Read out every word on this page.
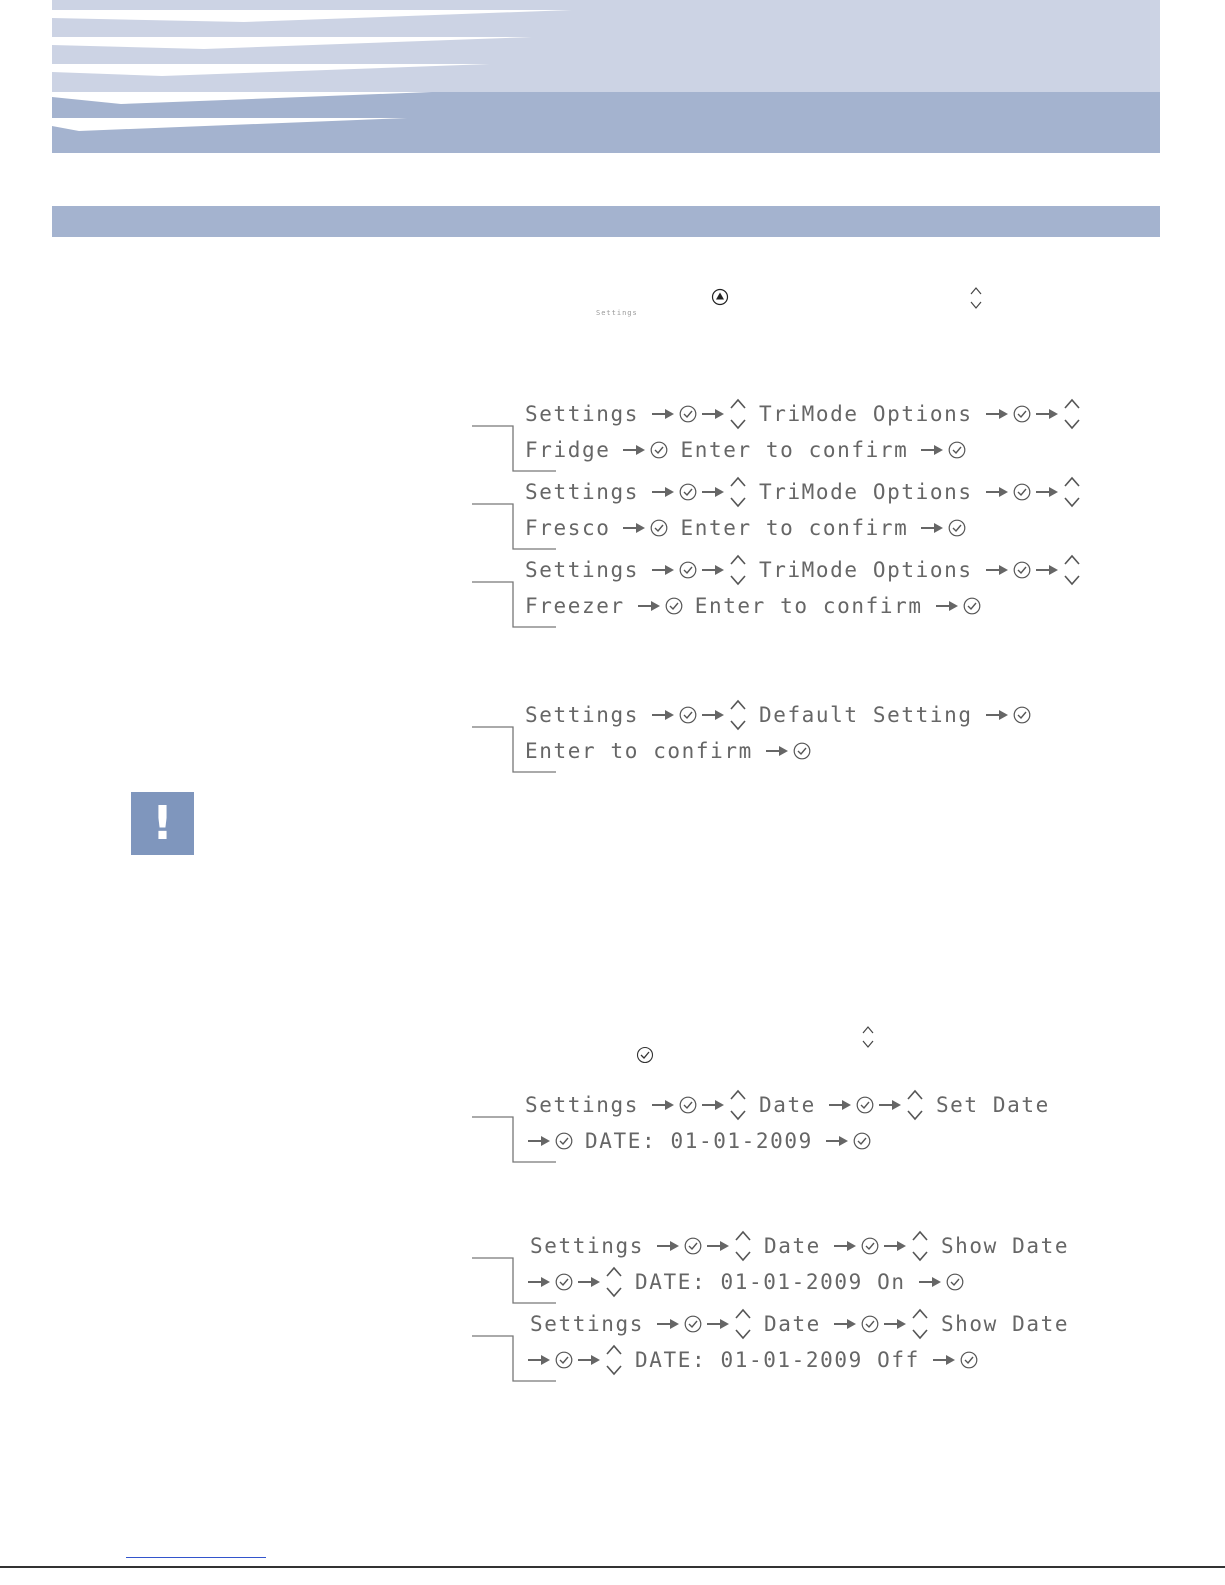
Settings
Settings	TriMode Options
Fridge	Enter to confirm
Settings	TriMode Options
Fresco	Enter to confirm
Settings	TriMode Options
Freezer	Enter to confirm
Settings	Default Setting
Enter to confirm
!
Settings	Date	Set Date
DATE: 01-01-2009
Settings	Date	Show Date
DATE: 01-01-2009 On
Settings	Date	Show Date
DATE: 01-01-2009 Off
